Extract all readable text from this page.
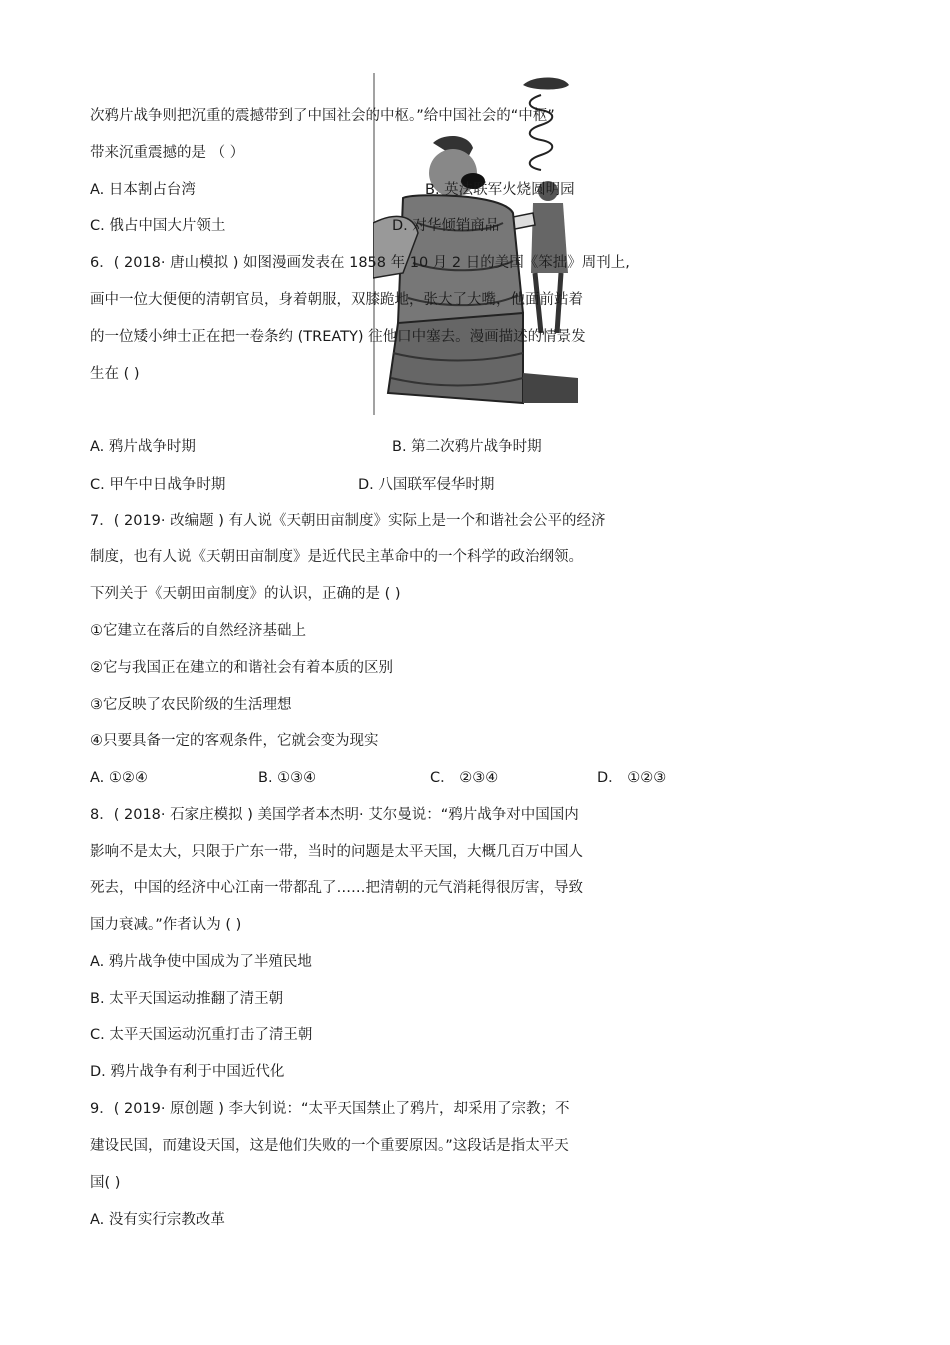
次鸦片战争则把沉重的震撼带到了中国社会的中枢。”给中国社会的“中枢”
带来沉重震撼的是 （ ）
A. 日本割占台湾	B. 英法联军火烧圆明园
C. 俄占中国大片领土	D. 对华倾销商品
6．( 2018· 唐山模拟 ) 如图漫画发表在 1858 年 10 月 2 日的美国《笨拙》周刊上,
画中一位大便便的清朝官员，身着朝服，双膝跪地，张大了大嘴，他面前站着
的一位矮小绅士正在把一卷条约 (TREATY) 往他口中塞去。漫画描述的情景发
生在 ( )
A. 鸦片战争时期	B. 第二次鸦片战争时期
C. 甲午中日战争时期	D. 八国联军侵华时期
7．( 2019· 改编题 ) 有人说《天朝田亩制度》实际上是一个和谐社会公平的经济
制度，也有人说《天朝田亩制度》是近代民主革命中的一个科学的政治纲领。
下列关于《天朝田亩制度》的认识，正确的是 ( )
①它建立在落后的自然经济基础上
②它与我国正在建立的和谐社会有着本质的区别
③它反映了农民阶级的生活理想
④只要具备一定的客观条件，它就会变为现实
A. ①②④	B. ①③④	C． ②③④	D． ①②③
8．( 2018· 石家庄模拟 ) 美国学者本杰明· 艾尔曼说：“鸦片战争对中国国内
影响不是太大，只限于广东一带，当时的问题是太平天国，大概几百万中国人
死去，中国的经济中心江南一带都乱了……把清朝的元气消耗得很厉害，导致
国力衰减。”作者认为 ( )
A. 鸦片战争使中国成为了半殖民地
B. 太平天国运动推翻了清王朝
C. 太平天国运动沉重打击了清王朝
D. 鸦片战争有利于中国近代化
9．( 2019· 原创题 ) 李大钊说：“太平天国禁止了鸦片，却采用了宗教；不
建设民国，而建设天国，这是他们失败的一个重要原因。”这段话是指太平天
国( )
A. 没有实行宗教改革
